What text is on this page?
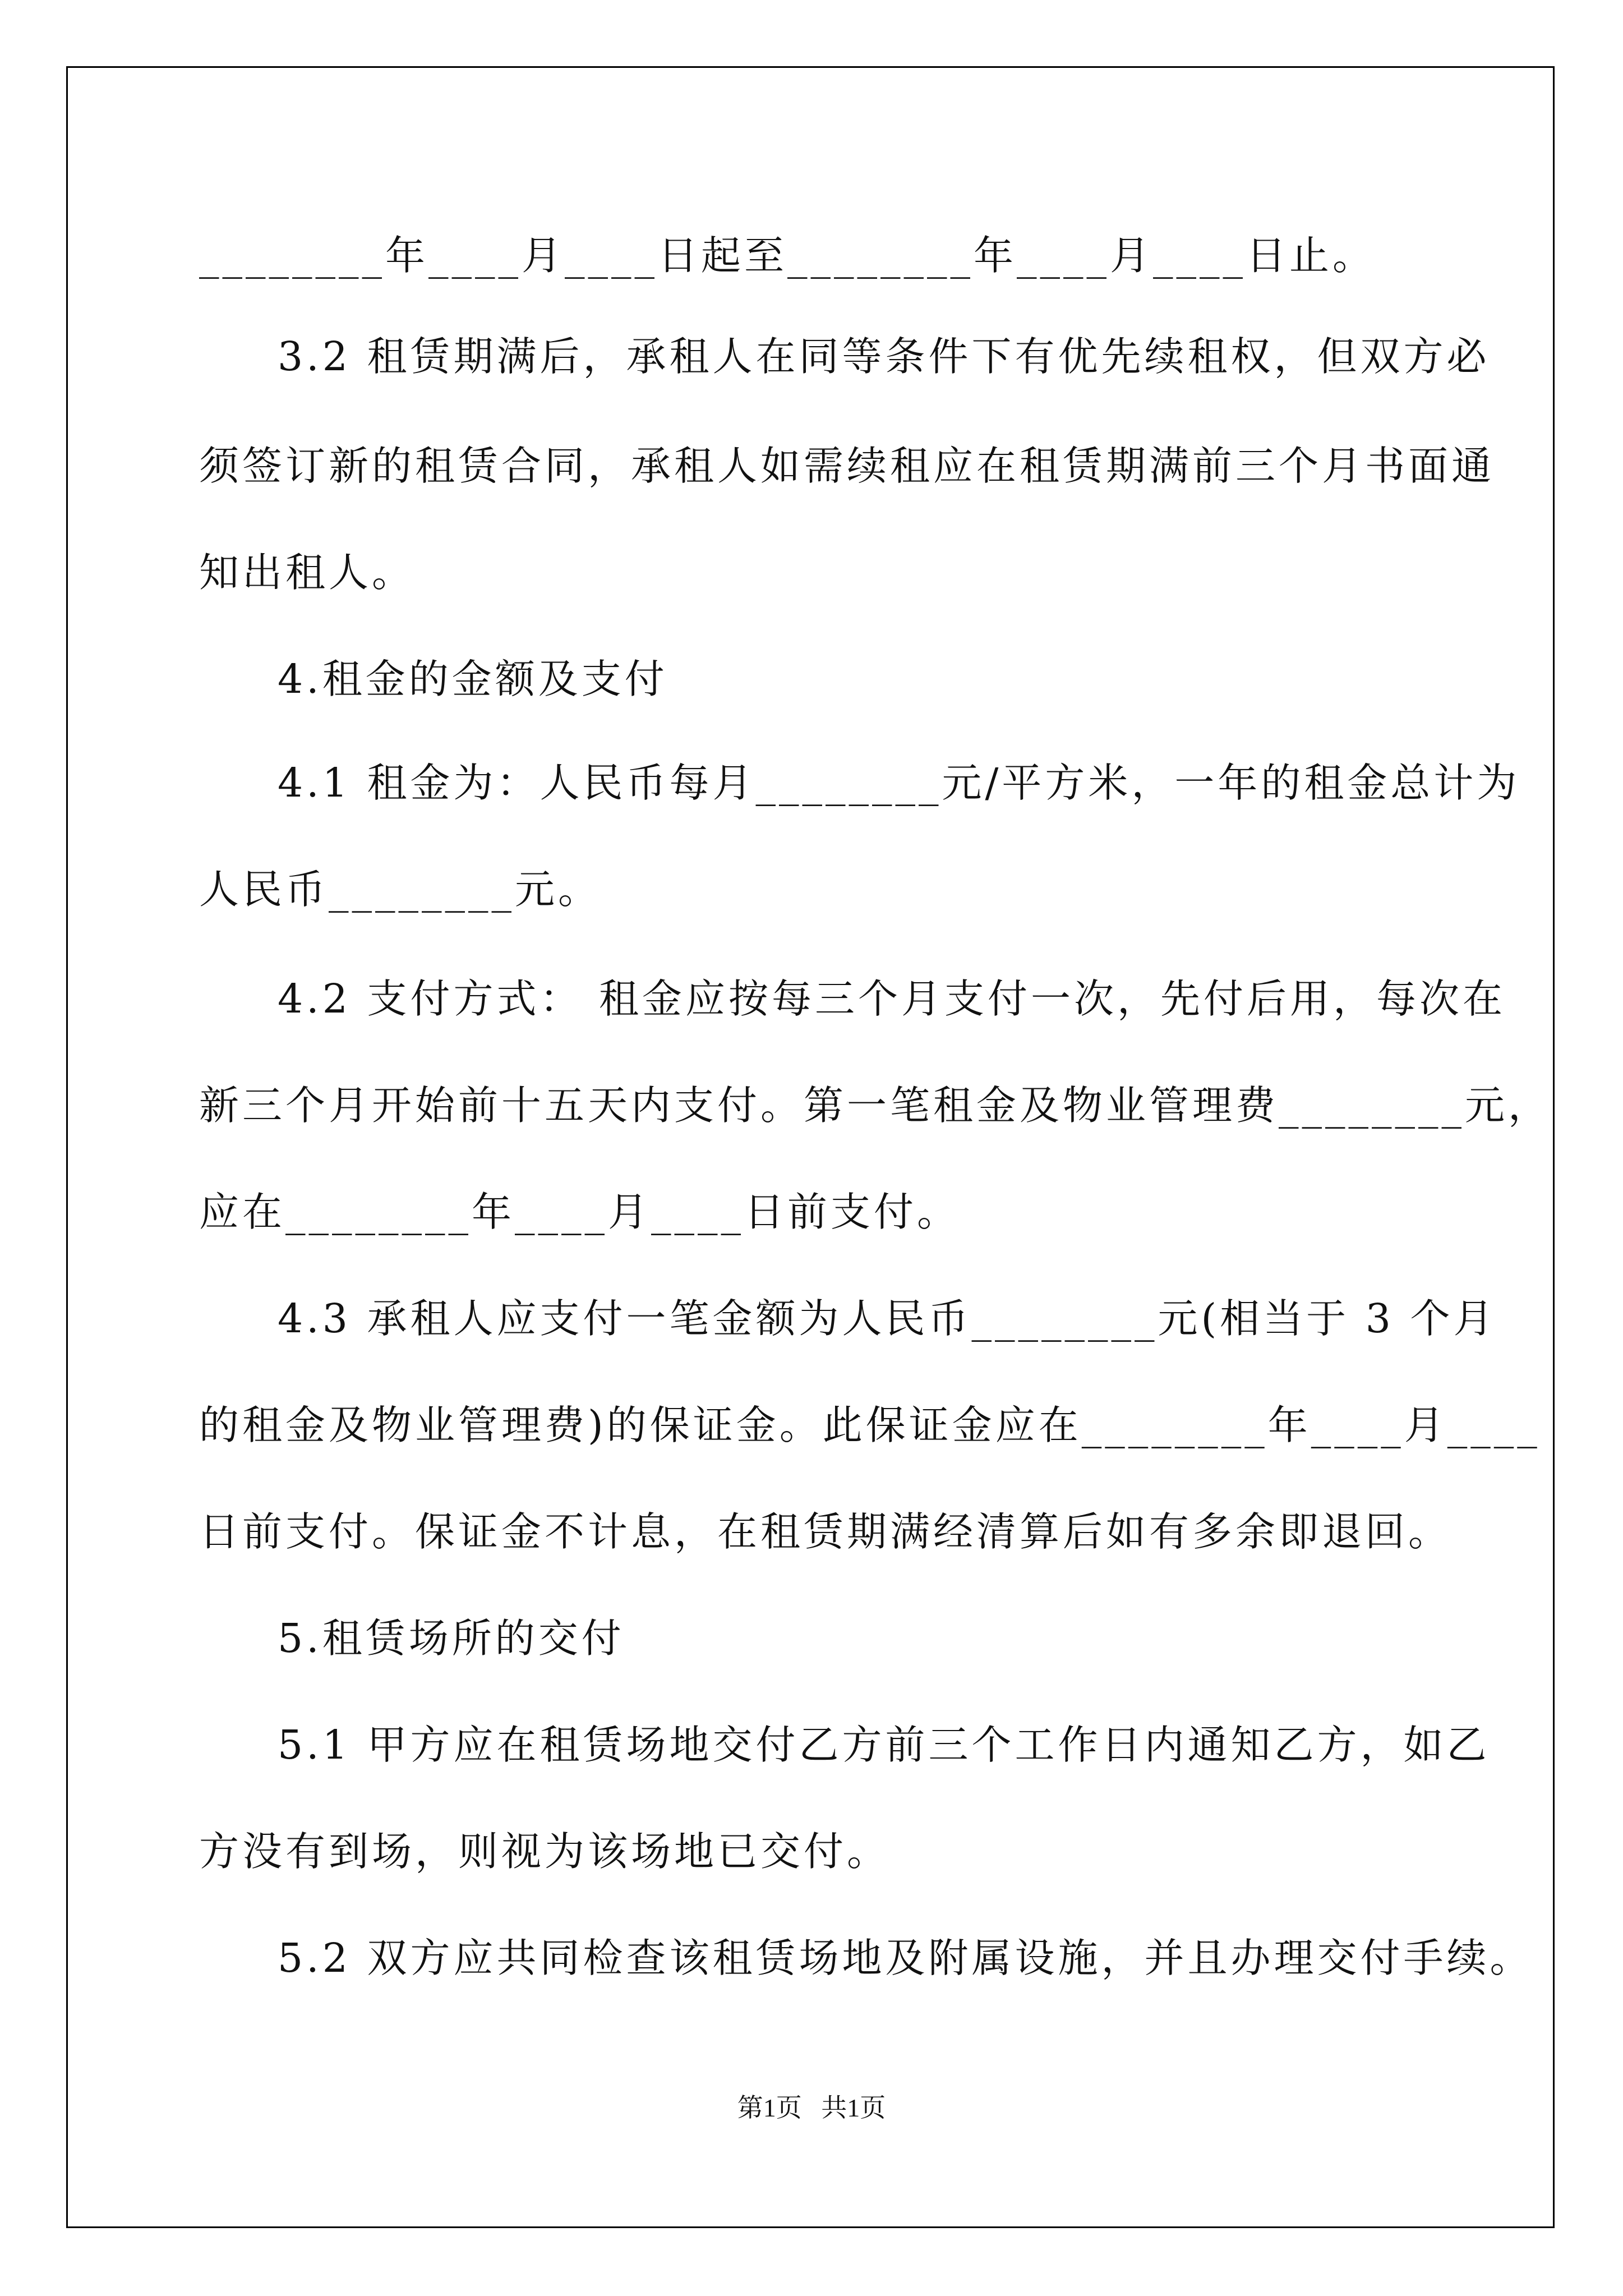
________年____月____日起至________年____月____日止。
3.2 租赁期满后，承租人在同等条件下有优先续租权，但双方必
须签订新的租赁合同，承租人如需续租应在租赁期满前三个月书面通
知出租人。
4.租金的金额及支付
4.1 租金为：人民币每月________元/平方米，一年的租金总计为
人民币________元。
4.2 支付方式： 租金应按每三个月支付一次，先付后用，每次在
新三个月开始前十五天内支付。第一笔租金及物业管理费________元，
应在________年____月____日前支付。
4.3 承租人应支付一笔金额为人民币________元(相当于 3 个月
的租金及物业管理费)的保证金。此保证金应在________年____月____
日前支付。保证金不计息，在租赁期满经清算后如有多余即退回。
5.租赁场所的交付
5.1 甲方应在租赁场地交付乙方前三个工作日内通知乙方，如乙
方没有到场，则视为该场地已交付。
5.2 双方应共同检查该租赁场地及附属设施，并且办理交付手续。
第1页   共1页
